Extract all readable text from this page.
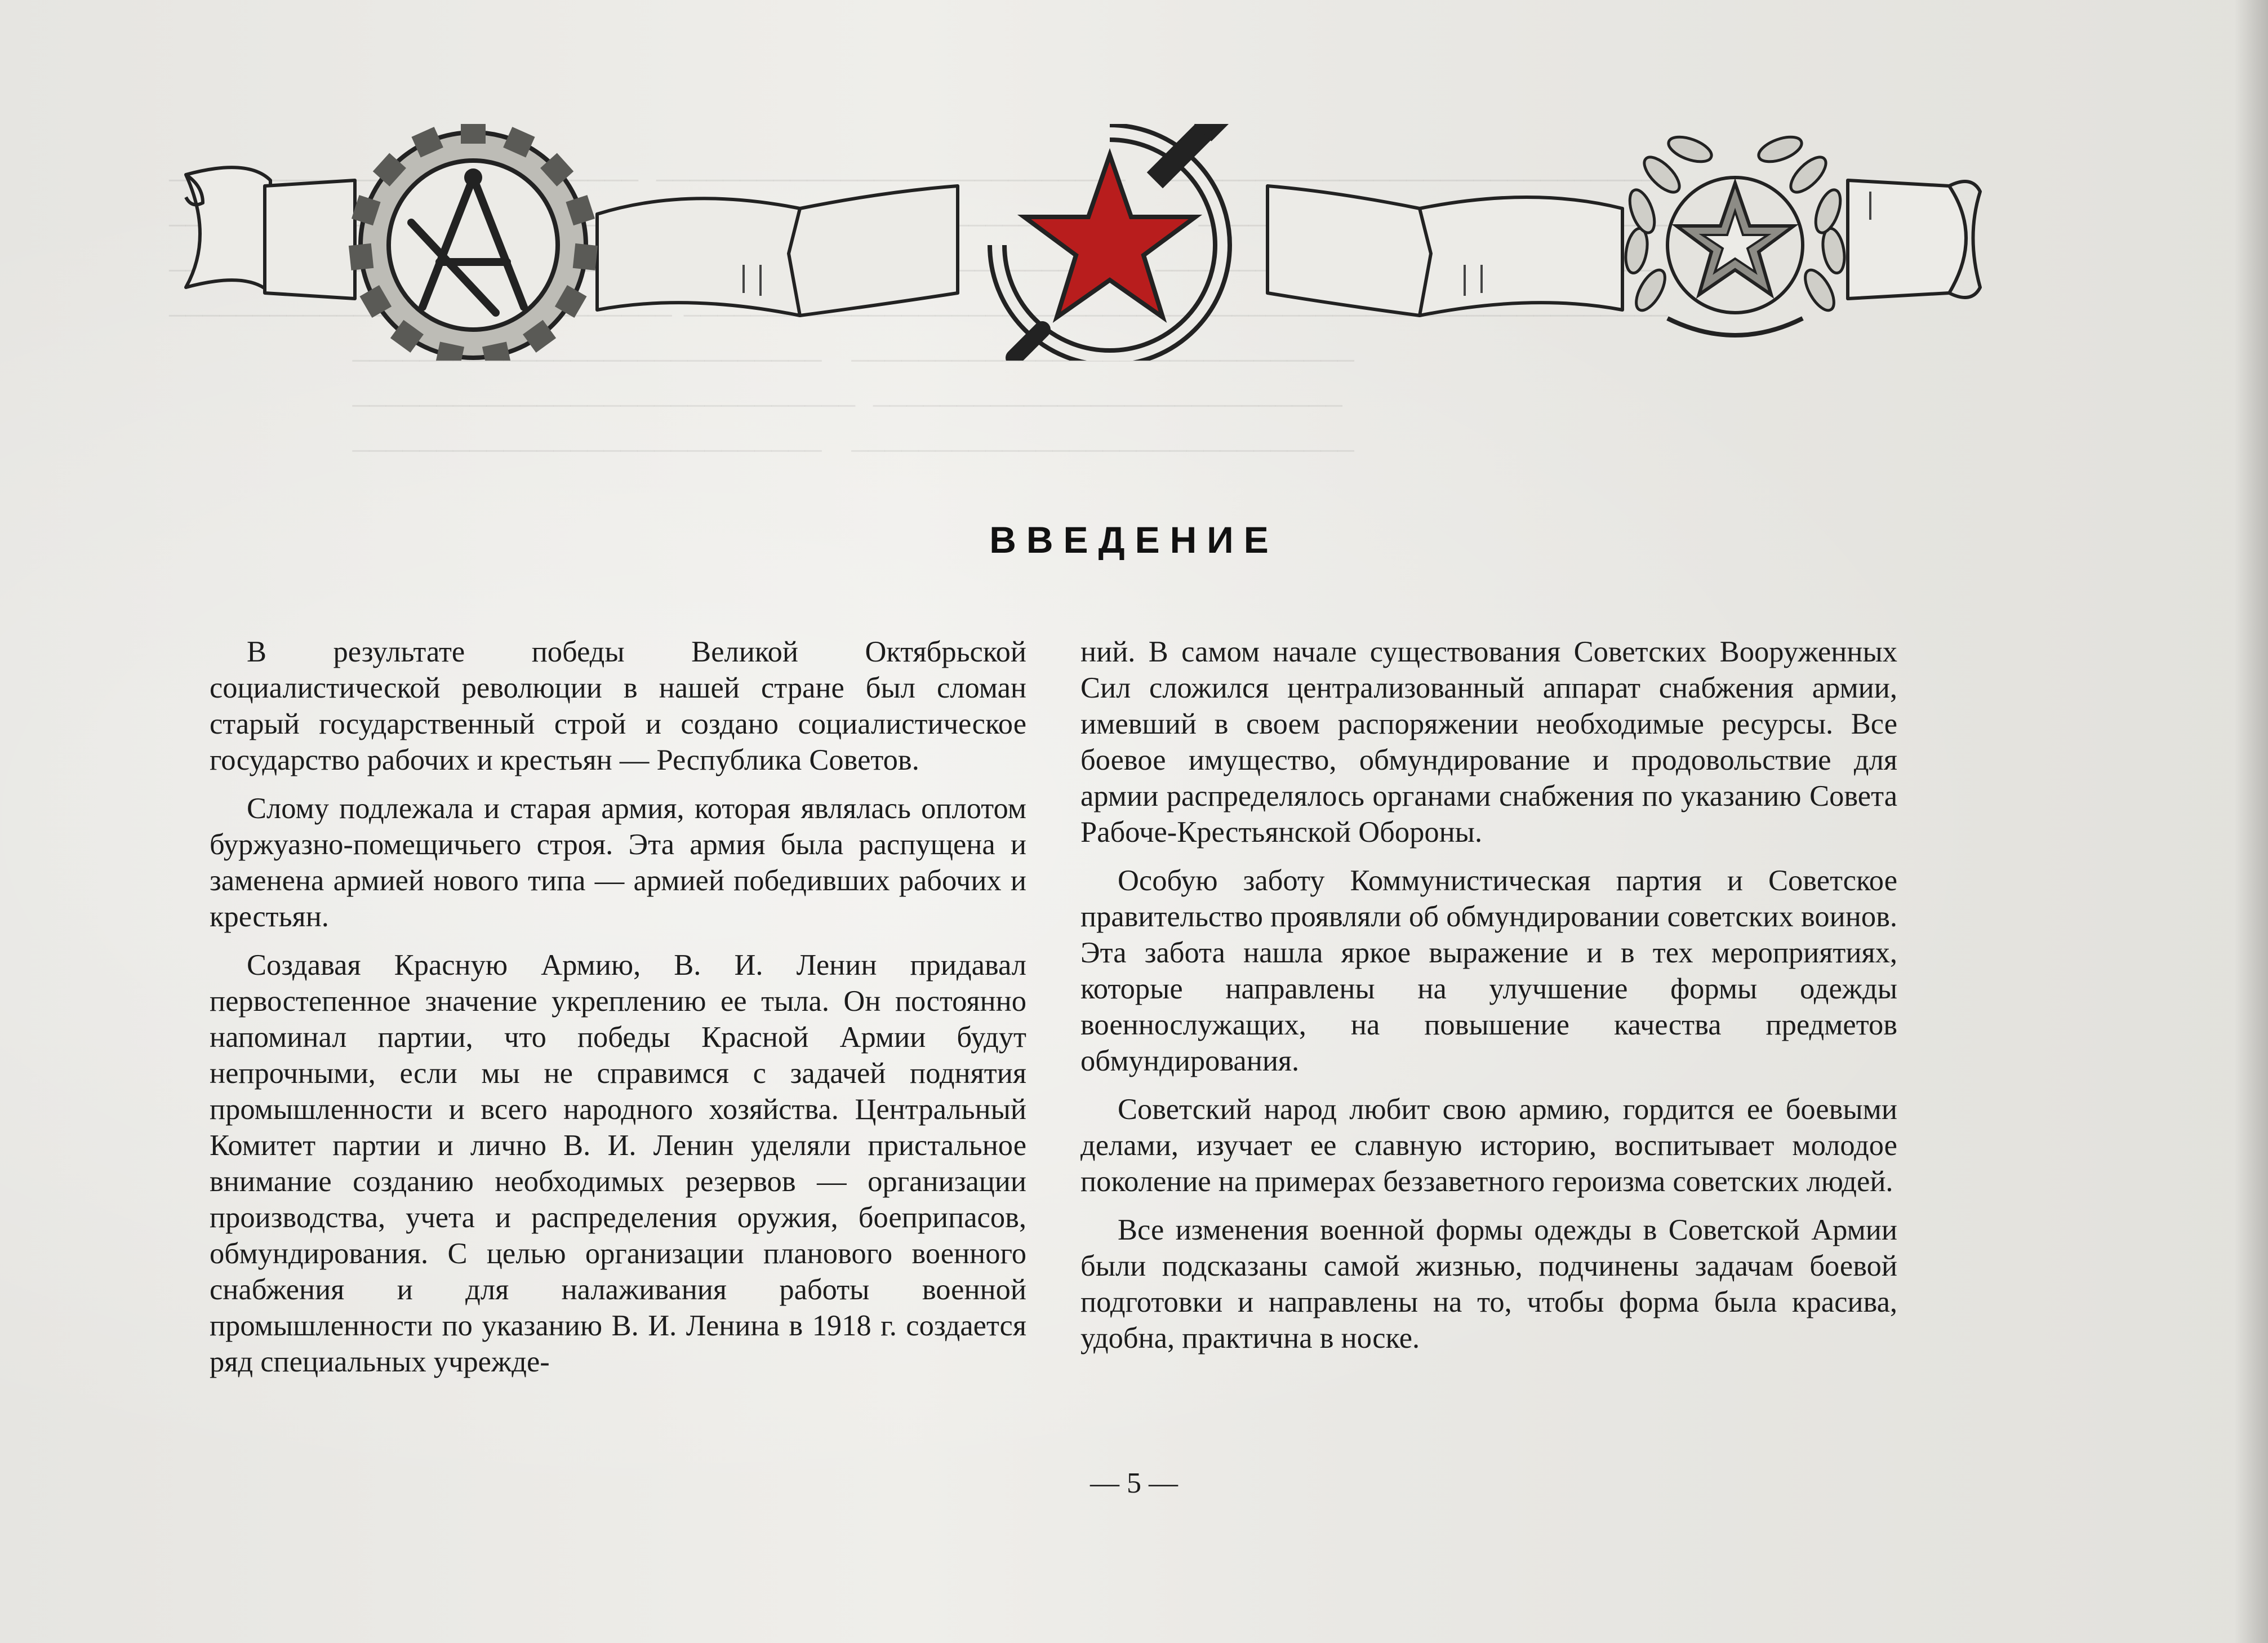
────────────────────────────     ──────────────────────────────

──────────────────────────────  ────────────────────────────
────────────────────────────     ──────────────────────────────
──────────────────────────────   ────────────────────────────
────────────────────────────     ──────────────────────────────

ВВЕДЕНИЕ

В результате победы Великой Октябрьской социалистической революции в нашей стране был сломан старый государственный строй и создано социалистическое государство рабочих и крестьян — Республика Советов.

Слому подлежала и старая армия, которая являлась оплотом буржуазно-помещичьего строя. Эта армия была распущена и заменена армией нового типа — армией победивших рабочих и крестьян.

Создавая Красную Армию, В. И. Ленин придавал первостепенное значение укреплению ее тыла. Он постоянно напоминал партии, что победы Красной Армии будут непрочными, если мы не справимся с задачей поднятия промышленности и всего народного хозяйства. Центральный Комитет партии и лично В. И. Ленин уделяли пристальное внимание созданию необходимых резервов — организации производства, учета и распределения оружия, боеприпасов, обмундирования. С целью организации планового военного снабжения и для налаживания работы военной промышленности по указанию В. И. Ленина в 1918 г. создается ряд специальных учрежде-

ний. В самом начале существования Советских Вооруженных Сил сложился централизованный аппарат снабжения армии, имевший в своем распоряжении необходимые ресурсы. Все боевое имущество, обмундирование и продовольствие для армии распределялось органами снабжения по указанию Совета Рабоче-Крестьянской Обороны.

Особую заботу Коммунистическая партия и Советское правительство проявляли об обмундировании советских воинов. Эта забота нашла яркое выражение и в тех мероприятиях, которые направлены на улучшение формы одежды военнослужащих, на повышение качества предметов обмундирования.

Советский народ любит свою армию, гордится ее боевыми делами, изучает ее славную историю, воспитывает молодое поколение на примерах беззаветного героизма советских людей.

Все изменения военной формы одежды в Советской Армии были подсказаны самой жизнью, подчинены задачам боевой подготовки и направлены на то, чтобы форма была красива, удобна, практична в носке.

— 5 —
